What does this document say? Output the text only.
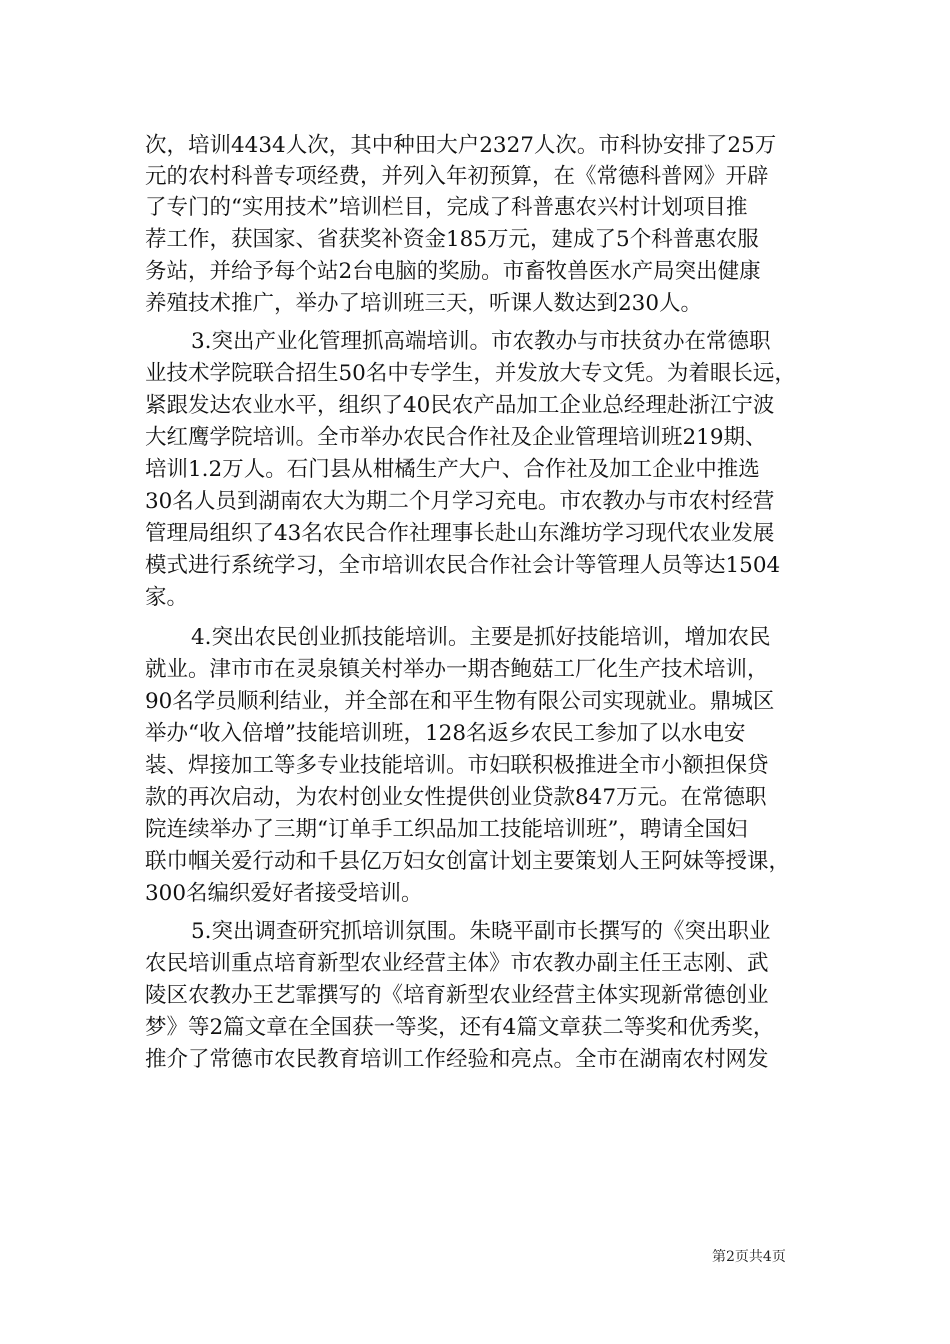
次，培训4434人次，其中种田大户2327人次。市科协安排了25万
元的农村科普专项经费，并列入年初预算，在《常德科普网》开辟
了专门的“实用技术”培训栏目，完成了科普惠农兴村计划项目推
荐工作，获国家、省获奖补资金185万元，建成了5个科普惠农服
务站，并给予每个站2台电脑的奖励。市畜牧兽医水产局突出健康
养殖技术推广，举办了培训班三天，听课人数达到230人。
3.突出产业化管理抓高端培训。市农教办与市扶贫办在常德职
业技术学院联合招生50名中专学生，并发放大专文凭。为着眼长远，
紧跟发达农业水平，组织了40民农产品加工企业总经理赴浙江宁波
大红鹰学院培训。全市举办农民合作社及企业管理培训班219期、
培训1.2万人。石门县从柑橘生产大户、合作社及加工企业中推选
30名人员到湖南农大为期二个月学习充电。市农教办与市农村经营
管理局组织了43名农民合作社理事长赴山东潍坊学习现代农业发展
模式进行系统学习，全市培训农民合作社会计等管理人员等达1504
家。
4.突出农民创业抓技能培训。主要是抓好技能培训，增加农民
就业。津市市在灵泉镇关村举办一期杏鲍菇工厂化生产技术培训，
90名学员顺利结业，并全部在和平生物有限公司实现就业。鼎城区
举办“收入倍增”技能培训班，128名返乡农民工参加了以水电安
装、焊接加工等多专业技能培训。市妇联积极推进全市小额担保贷
款的再次启动，为农村创业女性提供创业贷款847万元。在常德职
院连续举办了三期“订单手工织品加工技能培训班”，聘请全国妇
联巾帼关爱行动和千县亿万妇女创富计划主要策划人王阿妹等授课，
300名编织爱好者接受培训。
5.突出调查研究抓培训氛围。朱晓平副市长撰写的《突出职业
农民培训重点培育新型农业经营主体》市农教办副主任王志刚、武
陵区农教办王艺霏撰写的《培育新型农业经营主体实现新常德创业
梦》等2篇文章在全国获一等奖，还有4篇文章获二等奖和优秀奖，
推介了常德市农民教育培训工作经验和亮点。全市在湖南农村网发
第2页共4页
